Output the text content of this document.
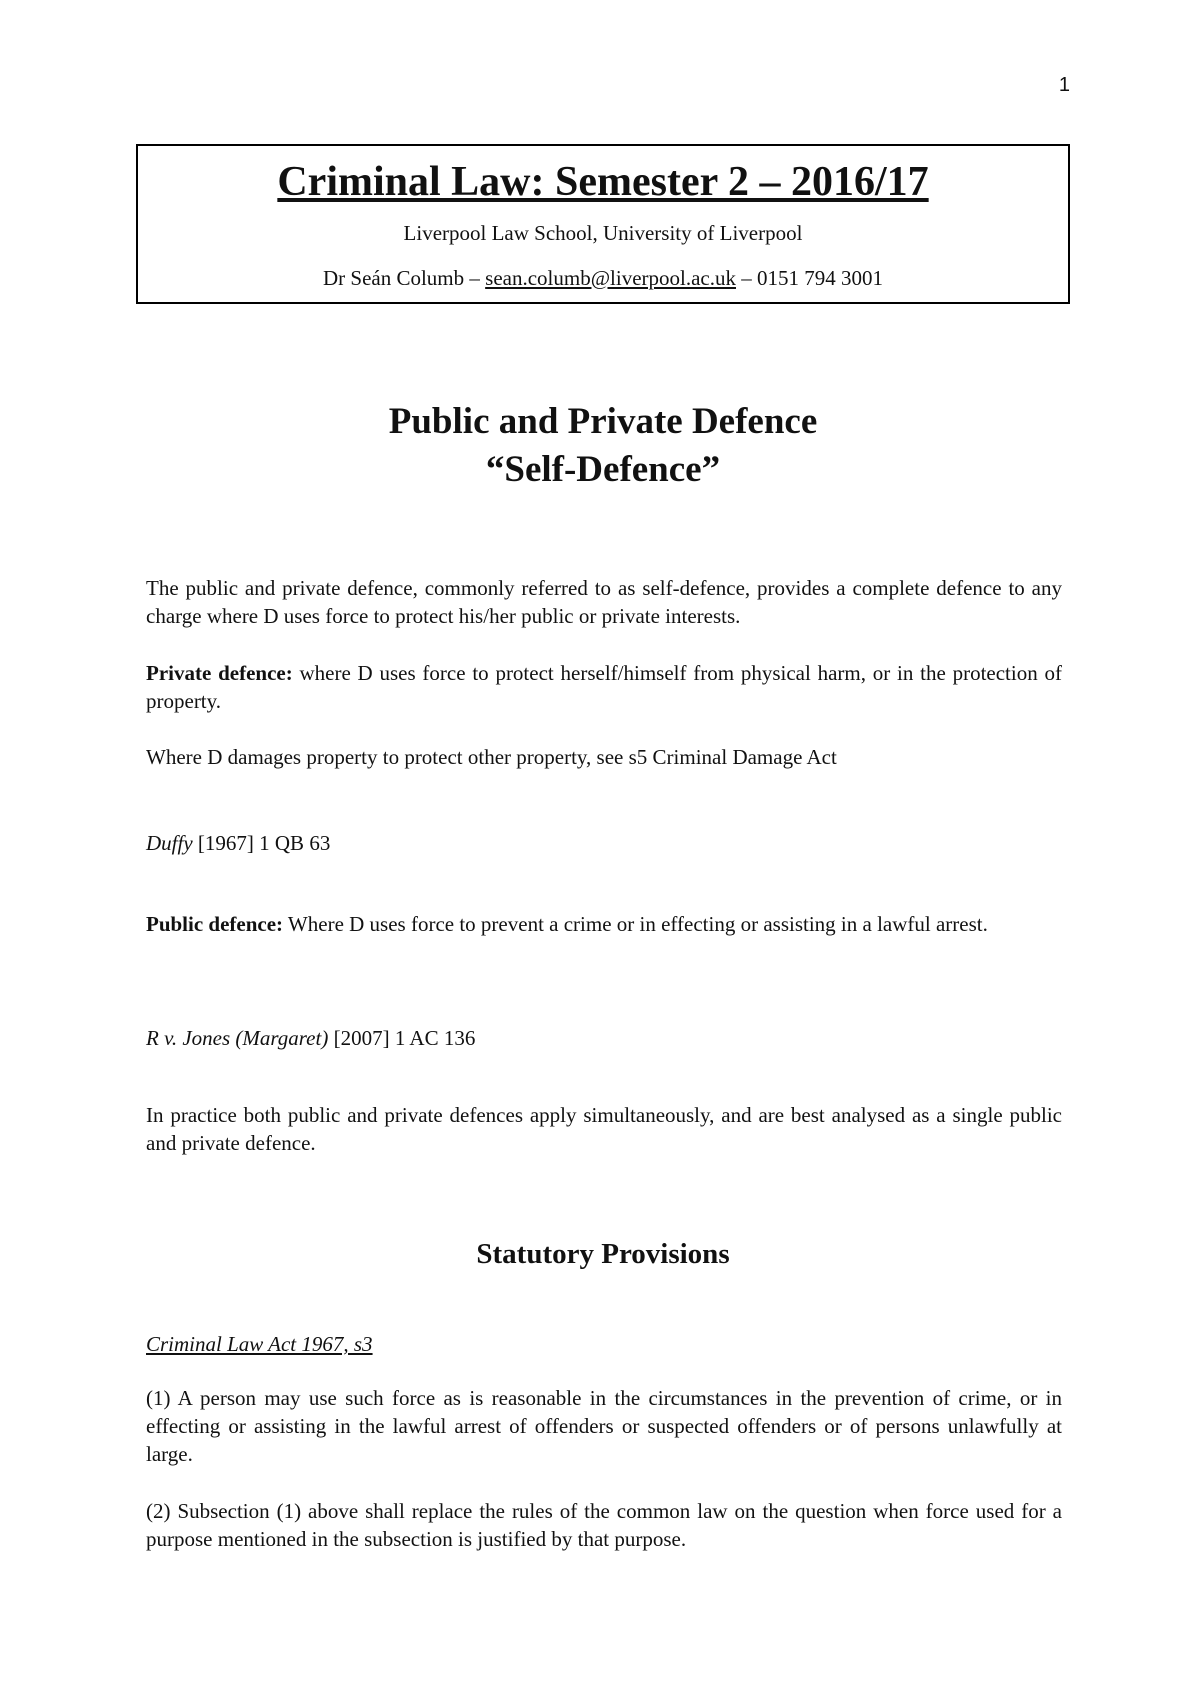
1
Criminal Law: Semester 2 – 2016/17
Liverpool Law School, University of Liverpool
Dr Seán Columb – sean.columb@liverpool.ac.uk – 0151 794 3001
Public and Private Defence
“Self-Defence”
The public and private defence, commonly referred to as self-defence, provides a complete defence to any charge where D uses force to protect his/her public or private interests.
Private defence: where D uses force to protect herself/himself from physical harm, or in the protection of property.
Where D damages property to protect other property, see s5 Criminal Damage Act
Duffy [1967] 1 QB 63
Public defence: Where D uses force to prevent a crime or in effecting or assisting in a lawful arrest.
R v. Jones (Margaret) [2007] 1 AC 136
In practice both public and private defences apply simultaneously, and are best analysed as a single public and private defence.
Statutory Provisions
Criminal Law Act 1967, s3
(1) A person may use such force as is reasonable in the circumstances in the prevention of crime, or in effecting or assisting in the lawful arrest of offenders or suspected offenders or of persons unlawfully at large.
(2) Subsection (1) above shall replace the rules of the common law on the question when force used for a purpose mentioned in the subsection is justified by that purpose.
